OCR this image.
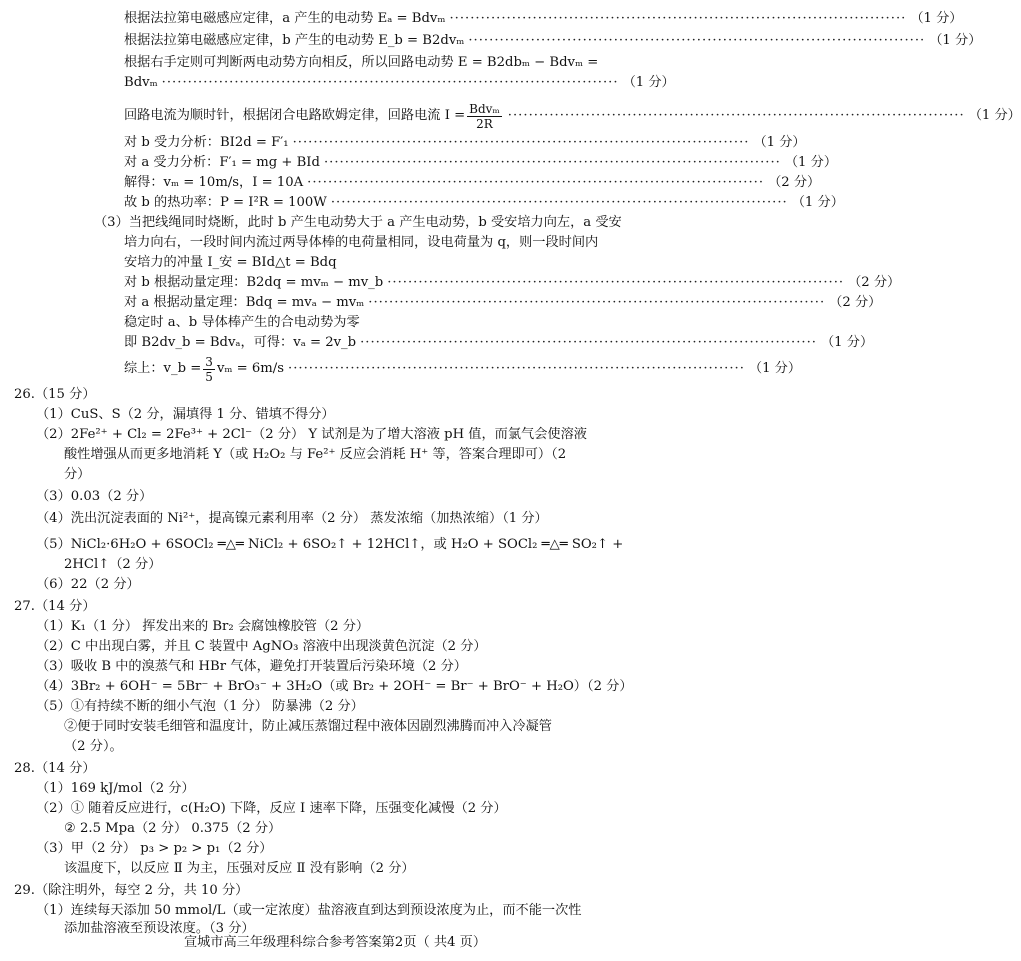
根据法拉第电磁感应定律，a 产生的电动势 Eₐ = Bdvₘ ························································································ （1 分）
根据法拉第电磁感应定律，b 产生的电动势 E_b = B2dvₘ ························································································ （1 分）
根据右手定则可判断两电动势方向相反，所以回路电动势 E = B2dbₘ − Bdvₘ =
Bdvₘ ························································································ （1 分）
回路电流为顺时针，根据闭合电路欧姆定律，回路电流 $I = \frac{\text{Bdvₘ}}{2R}$ ························································································ （1 分）
对 b 受力分析：BI2d = F′₁ ························································································ （1 分）
对 a 受力分析：F′₁ = mg + BId ························································································ （1 分）
解得：vₘ = 10m/s，I = 10A ························································································ （2 分）
故 b 的热功率：P = I²R = 100W ························································································ （1 分）
（3）当把线绳同时烧断，此时 b 产生电动势大于 a 产生电动势，b 受安培力向左，a 受安
培力向右，一段时间内流过两导体棒的电荷量相同，设电荷量为 q，则一段时间内
安培力的冲量 I_安 = BId△t = Bdq
对 b 根据动量定理：B2dq = mvₘ − mv_b ························································································ （2 分）
对 a 根据动量定理：Bdq = mvₐ − mvₘ ························································································ （2 分）
稳定时 a、b 导体棒产生的合电动势为零
即 B2dv_b = Bdvₐ，可得：vₐ = 2v_b ························································································ （1 分）
综上：v_b = $\frac{3}{5}$ vₘ = 6m/s ························································································ （1 分）
26.（15 分）
（1）CuS、S（2 分，漏填得 1 分、错填不得分）
（2）2Fe²⁺ + Cl₂ = 2Fe³⁺ + 2Cl⁻（2 分） Y 试剂是为了增大溶液 pH 值，而氯气会使溶液
酸性增强从而更多地消耗 Y（或 H₂O₂ 与 Fe²⁺ 反应会消耗 H⁺ 等，答案合理即可）（2
分）
（3）0.03（2 分）
（4）洗出沉淀表面的 Ni²⁺，提高镍元素利用率（2 分） 蒸发浓缩（加热浓缩）（1 分）
（5）NiCl₂·6H₂O + 6SOCl₂ ═△═ NiCl₂ + 6SO₂↑ + 12HCl↑，或 H₂O + SOCl₂ ═△═ SO₂↑ +
2HCl↑（2 分）
（6）22（2 分）
27.（14 分）
（1）K₁（1 分） 挥发出来的 Br₂ 会腐蚀橡胶管（2 分）
（2）C 中出现白雾，并且 C 装置中 AgNO₃ 溶液中出现淡黄色沉淀（2 分）
（3）吸收 B 中的溴蒸气和 HBr 气体，避免打开装置后污染环境（2 分）
（4）3Br₂ + 6OH⁻ = 5Br⁻ + BrO₃⁻ + 3H₂O（或 Br₂ + 2OH⁻ = Br⁻ + BrO⁻ + H₂O）（2 分）
（5）①有持续不断的细小气泡（1 分） 防暴沸（2 分）
②便于同时安装毛细管和温度计，防止减压蒸馏过程中液体因剧烈沸腾而冲入冷凝管
（2 分）。
28.（14 分）
（1）169 kJ/mol（2 分）
（2）① 随着反应进行，c(H₂O) 下降，反应 Ⅰ 速率下降，压强变化减慢（2 分）
② 2.5 Mpa（2 分） 0.375（2 分）
（3）甲（2 分） p₃ > p₂ > p₁（2 分）
该温度下，以反应 Ⅱ 为主，压强对反应 Ⅱ 没有影响（2 分）
29.（除注明外，每空 2 分，共 10 分）
（1）连续每天添加 50 mmol/L（或一定浓度）盐溶液直到达到预设浓度为止，而不能一次性
添加盐溶液至预设浓度。（3 分）
宣城市高三年级理科综合参考答案第2页（ 共4 页）
